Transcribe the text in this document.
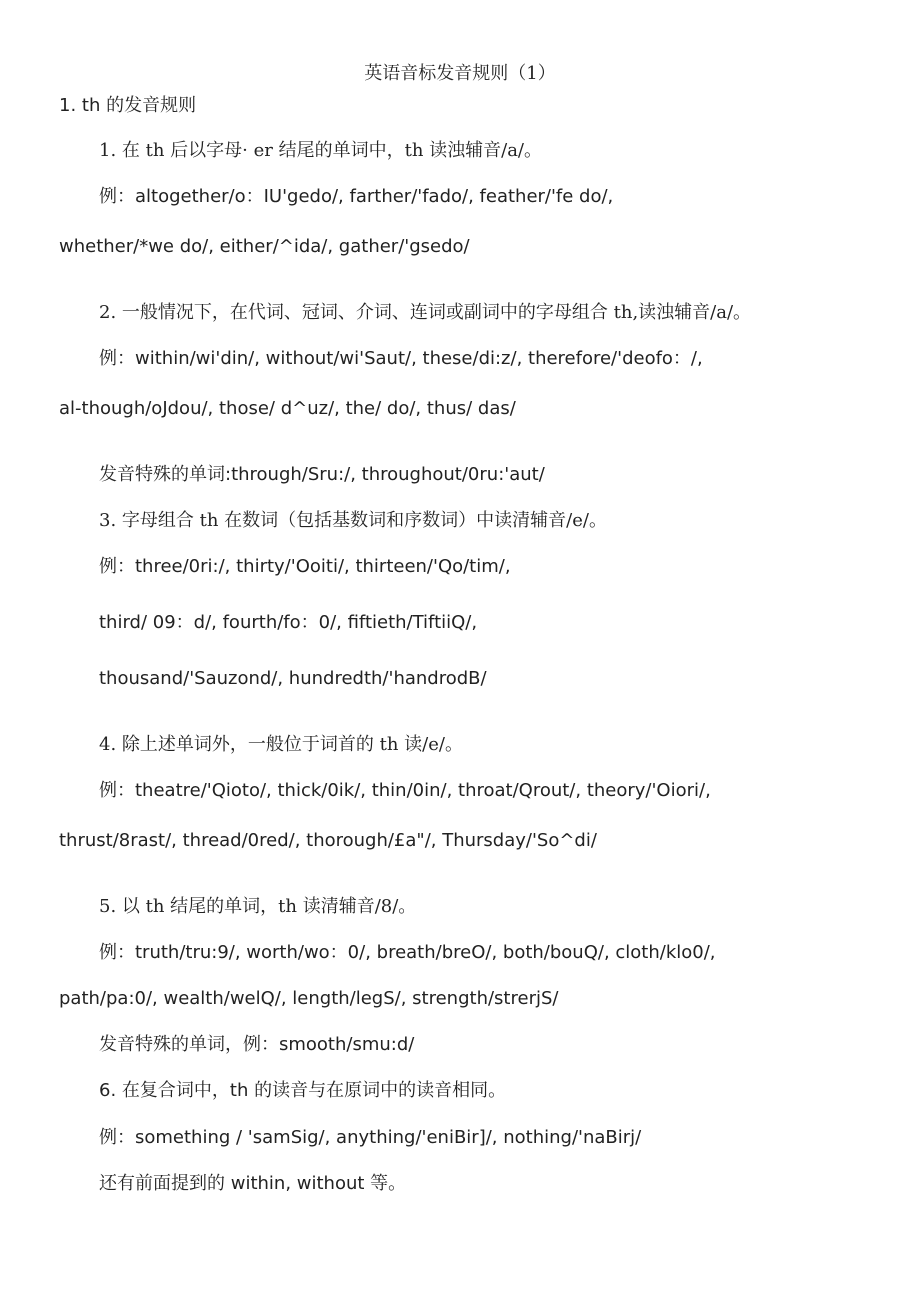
英语音标发音规则（1）
1. th 的发音规则
1. 在 th 后以字母· er 结尾的单词中，th 读浊辅音/a/。
例：altogether/o：IU'gedo/, farther/'fado/, feather/'fe do/,
whether/*we do/, either/^ida/, gather/'gsedo/
2. 一般情况下，在代词、冠词、介词、连词或副词中的字母组合 th,读浊辅音/a/。
例：within/wi'din/, without/wi'Saut/, these/di:z/, therefore/'deofo：/,
al-though/oJdou/, those/ d^uz/, the/ do/, thus/ das/
发音特殊的单词:through/Sru:/, throughout/0ru:'aut/
3. 字母组合 th 在数词（包括基数词和序数词）中读清辅音/e/。
例：three/0ri:/, thirty/'Ooiti/, thirteen/'Qo/tim/,
third/ 09：d/, fourth/fo：0/, fiftieth/TiftiiQ/,
thousand/'Sauzond/, hundredth/'handrodB/
4. 除上述单词外，一般位于词首的 th 读/e/。
例：theatre/'Qioto/, thick/0ik/, thin/0in/, throat/Qrout/, theory/'Oiori/,
thrust/8rast/, thread/0red/, thorough/£a"/, Thursday/'So^di/
5. 以 th 结尾的单词，th 读清辅音/8/。
例：truth/tru:9/, worth/wo：0/, breath/breO/, both/bouQ/, cloth/klo0/,
path/pa:0/, wealth/welQ/, length/legS/, strength/strerjS/
发音特殊的单词，例：smooth/smu:d/
6. 在复合词中，th 的读音与在原词中的读音相同。
例：something / 'samSig/, anything/'eniBir]/, nothing/'naBirj/
还有前面提到的 within, without 等。
